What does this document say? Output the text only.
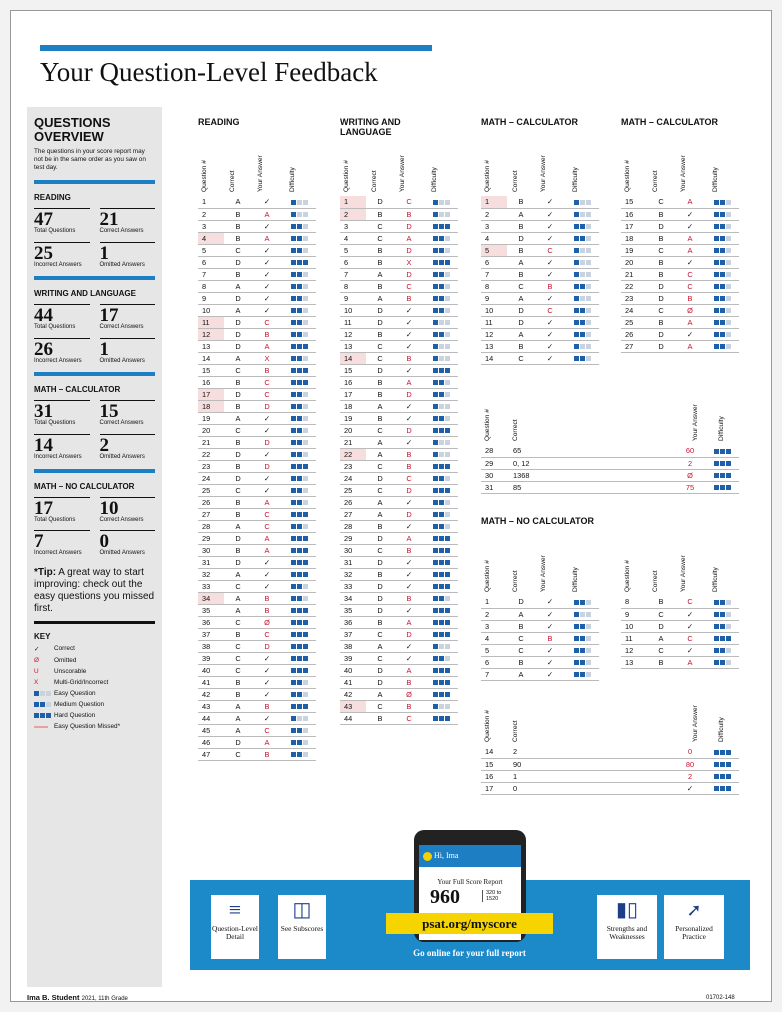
Your Question-Level Feedback
QUESTIONS
OVERVIEW
The questions in your score report may not be in the same order as you saw on test day.
READING
47
Total Questions
21
Correct Answers
25
Incorrect Answers
1
Omitted Answers
WRITING AND LANGUAGE
44
Total Questions
17
Correct Answers
26
Incorrect Answers
1
Omitted Answers
MATH – CALCULATOR
31
Total Questions
15
Correct Answers
14
Incorrect Answers
2
Omitted Answers
MATH – NO CALCULATOR
17
Total Questions
10
Correct Answers
7
Incorrect Answers
0
Omitted Answers
*Tip: A great way to start improving: check out the easy questions you missed first.
KEY
✓	Correct
Ø	Omitted
U	Unscorable
X	Multi-Grid/Incorrect
Easy Question
Medium Question
Hard Question
Easy Question Missed*
READING	WRITING AND LANGUAGE
MATH – CALCULATOR	MATH – CALCULATOR
MATH – NO CALCULATOR
Question #	Correct	Your Answer	Difficulty
1	A	✓	

2	B	A	

3	B	✓	

4	B	A	

5	C	✓	

6	D	✓	

7	B	✓	

8	A	✓	

9	D	✓	

10	A	✓	

11	D	C	

12	D	B	

13	D	A	

14	A	X	

15	C	B	

16	B	C	

17	D	C	

18	B	D	

19	A	✓	

20	C	✓	

21	B	D	

22	D	✓	

23	B	D	

24	D	✓	

25	C	✓	

26	B	A	

27	B	C	

28	A	C	

29	D	A	

30	B	A	

31	D	✓	

32	A	✓	

33	C	✓	

34	A	B	

35	A	B	

36	C	Ø	

37	B	C	

38	C	D	

39	C	✓	

40	C	✓	

41	B	✓	

42	B	✓	

43	A	B	

44	A	✓	

45	A	C	

46	D	A	

47	C	B	
Question #	Correct	Your Answer	Difficulty
1	D	C	

2	B	B	

3	C	D	

4	C	A	

5	B	D	

6	B	X	

7	A	D	

8	B	C	

9	A	B	

10	D	✓	

11	D	✓	

12	B	✓	

13	C	✓	

14	C	B	

15	D	✓	

16	B	A	

17	B	D	

18	A	✓	

19	B	✓	

20	C	D	

21	A	✓	

22	A	B	

23	C	B	

24	D	C	

25	C	D	

26	A	✓	

27	A	D	

28	B	✓	

29	D	A	

30	C	B	

31	D	✓	

32	B	✓	

33	D	✓	

34	D	B	

35	D	✓	

36	B	A	

37	C	D	

38	A	✓	

39	C	✓	

40	D	A	

41	D	B	

42	A	Ø	

43	C	B	

44	B	C	
Question #	Correct	Your Answer	Difficulty
1	B	✓	

2	A	✓	

3	B	✓	

4	D	✓	

5	B	C	

6	A	✓	

7	B	✓	

8	C	B	

9	A	✓	

10	D	C	

11	D	✓	

12	A	✓	

13	B	✓	

14	C	✓	
Question #	Correct	Your Answer	Difficulty
15	C	A	

16	B	✓	

17	D	✓	

18	B	A	

19	C	A	

20	B	✓	

21	B	C	

22	D	C	

23	D	B	

24	C	Ø	

25	B	A	

26	D	✓	

27	D	A	
Question #	Correct	Your Answer	Difficulty
28	65	60	

29	0, 12	2	

30	1368	Ø	

31	85	75	
Question #	Correct	Your Answer	Difficulty
1	D	✓	

2	A	✓	

3	B	✓	

4	C	B	

5	C	✓	

6	B	✓	

7	A	✓	
Question #	Correct	Your Answer	Difficulty
8	B	C	

9	C	✓	

10	D	✓	

11	A	C	

12	C	✓	

13	B	A	
Question #	Correct	Your Answer	Difficulty
14	2	0	

15	90	80	

16	1	2	

17	0	✓	
≡
Question-Level Detail
◫
See Subscores
▮▯
Strengths and Weaknesses
➚
Personalized Practice
Hi, Ima
Your Full Score Report
960	320 to 1520
psat.org/myscore
Go online for your full report
Ima B. Student 2021, 11th Grade	01702-148
